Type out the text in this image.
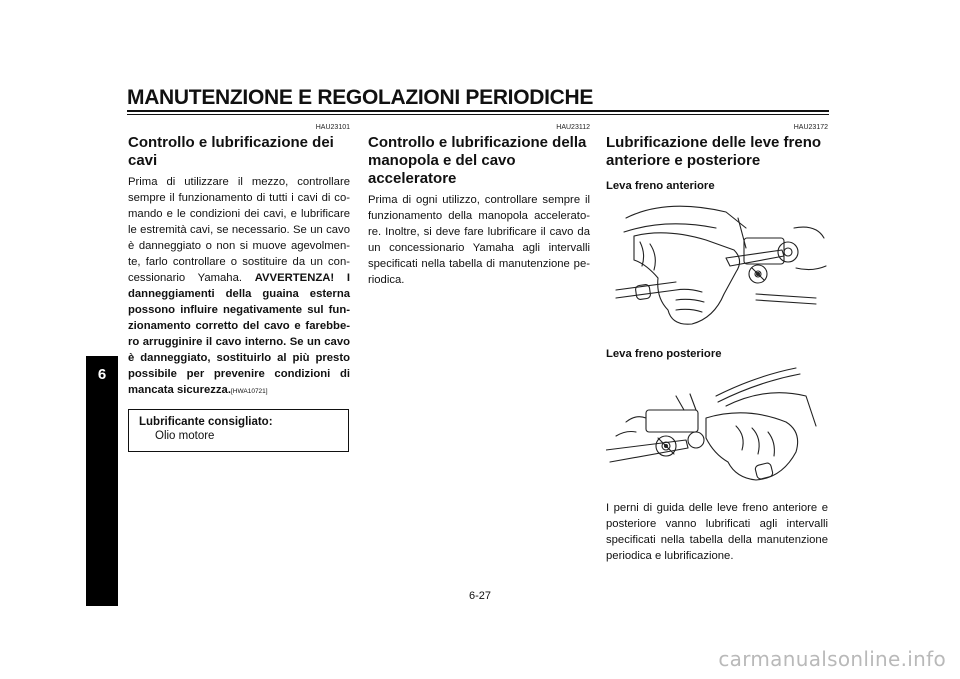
MANUTENZIONE E REGOLAZIONI PERIODICHE
6
HAU23101
Controllo e lubrificazione dei cavi

Prima di utilizzare il mezzo, controllare sempre il funzionamento di tutti i cavi di co-mando e le condizioni dei cavi, e lubrificare le estremità cavi, se necessario. Se un cavo è danneggiato o non si muove agevolmen-te, farlo controllare o sostituire da un con-cessionario Yamaha. AVVERTENZA! I danneggiamenti della guaina esterna possono influire negativamente sul fun-zionamento corretto del cavo e farebbe-ro arrugginire il cavo interno. Se un cavo è danneggiato, sostituirlo al più presto possibile per prevenire condizioni di mancata sicurezza.[HWA10721]

Lubrificante consigliato:
Olio motore
HAU23112
Controllo e lubrificazione della manopola e del cavo acceleratore

Prima di ogni utilizzo, controllare sempre il funzionamento della manopola accelerato-re. Inoltre, si deve fare lubrificare il cavo da un concessionario Yamaha agli intervalli specificati nella tabella di manutenzione pe-riodica.

HAU23172
Lubrificazione delle leve freno anteriore e posteriore
Leva freno anteriore
Leva freno posteriore

I perni di guida delle leve freno anteriore e posteriore vanno lubrificati agli intervalli specificati nella tabella della manutenzione periodica e lubrificazione.

6-27
carmanualsonline.info
